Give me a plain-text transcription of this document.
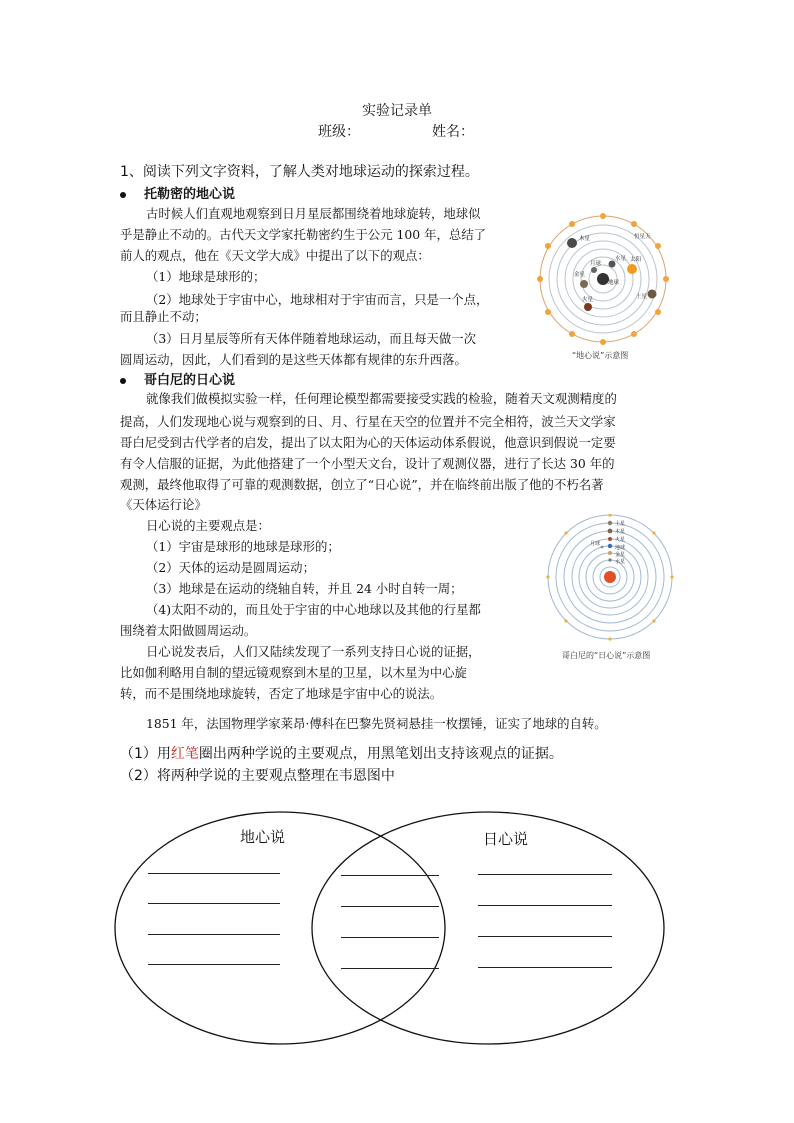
实验记录单
班级：	姓名：
1、阅读下列文字资料，了解人类对地球运动的探索过程。
托勒密的地心说
古时候人们直观地观察到日月星辰都围绕着地球旋转，地球似
乎是静止不动的。古代天文学家托勒密约生于公元 100 年，总结了
前人的观点，他在《天文学大成》中提出了以下的观点：
（1）地球是球形的；
（2）地球处于宇宙中心，地球相对于宇宙而言，只是一个点，
而且静止不动；
（3）日月星辰等所有天体伴随着地球运动，而且每天做一次
圆周运动，因此，人们看到的是这些天体都有规律的东升西落。
地球
月球
水星
金星
太阳
火星
木星
土星
恒星天
“地心说”示意图
哥白尼的日心说
就像我们做模拟实验一样，任何理论模型都需要接受实践的检验，随着天文观测精度的
提高，人们发现地心说与观察到的日、月、行星在天空的位置并不完全相符，波兰天文学家
哥白尼受到古代学者的启发，提出了以太阳为心的天体运动体系假说，他意识到假说一定要
有令人信服的证据，为此他搭建了一个小型天文台，设计了观测仪器，进行了长达 30 年的
观测，最终他取得了可靠的观测数据，创立了“日心说”，并在临终前出版了他的不朽名著
《天体运行论》
日心说的主要观点是：
（1）宇宙是球形的地球是球形的；
（2）天体的运动是圆周运动；
（3）地球是在运动的绕轴自转，并且 24 小时自转一周；
（4)太阳不动的，而且处于宇宙的中心地球以及其他的行星都
围绕着太阳做圆周运动。
日心说发表后，人们又陆续发现了一系列支持日心说的证据，
比如伽利略用自制的望远镜观察到木星的卫星，以木星为中心旋
转，而不是围绕地球旋转，否定了地球是宇宙中心的说法。
土星
木星
火星
月球
地球
金星
水星
哥白尼的“日心说”示意图
1851 年，法国物理学家莱昂·傅科在巴黎先贤祠悬挂一枚摆锤，证实了地球的自转。
（1）用红笔圈出两种学说的主要观点，用黑笔划出支持该观点的证据。
（2）将两种学说的主要观点整理在韦恩图中
地心说	日心说
